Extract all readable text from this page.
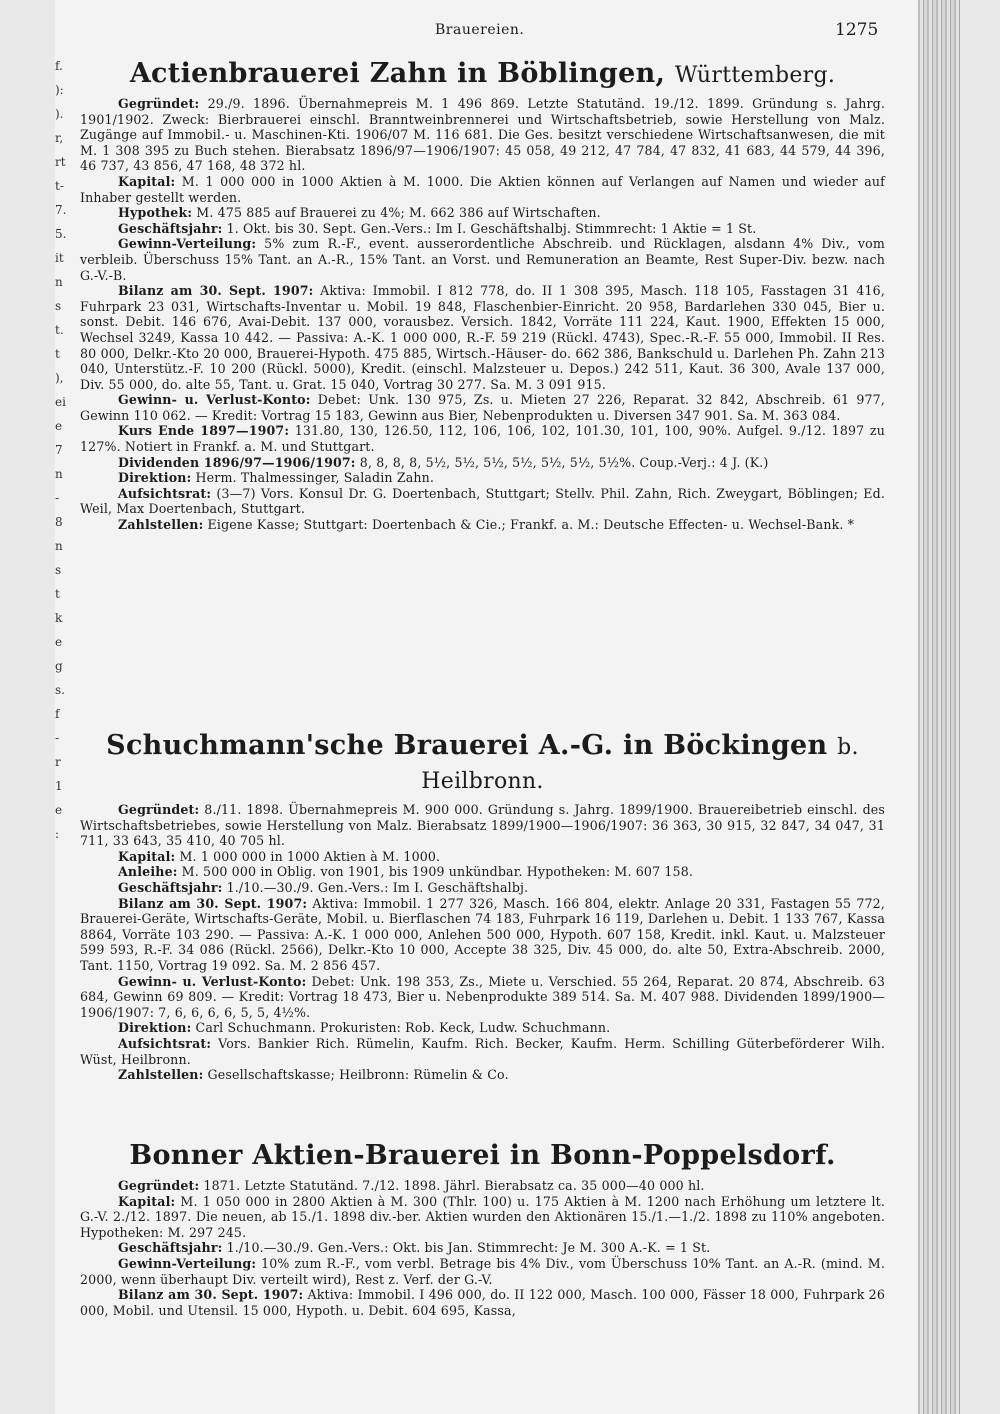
f.
):
).
r,
rt
t-
7.
5.
it
n
s
t.
t
),
ei
e
7
n
-
8
n
s
t
k
e
g
s.
f
-
r
1
e
:
Brauereien.	1275
Actienbrauerei Zahn in Böblingen, Württemberg.

Gegründet: 29./9. 1896. Übernahmepreis M. 1 496 869. Letzte Statutänd. 19./12. 1899. Gründung s. Jahrg. 1901/1902. Zweck: Bierbrauerei einschl. Branntweinbrennerei und Wirtschaftsbetrieb, sowie Herstellung von Malz. Zugänge auf Immobil.- u. Maschinen-Kti. 1906/07 M. 116 681. Die Ges. besitzt verschiedene Wirtschaftsanwesen, die mit M. 1 308 395 zu Buch stehen. Bierabsatz 1896/97—1906/1907: 45 058, 49 212, 47 784, 47 832, 41 683, 44 579, 44 396, 46 737, 43 856, 47 168, 48 372 hl.

Kapital: M. 1 000 000 in 1000 Aktien à M. 1000. Die Aktien können auf Verlangen auf Namen und wieder auf Inhaber gestellt werden.

Hypothek: M. 475 885 auf Brauerei zu 4%; M. 662 386 auf Wirtschaften.

Geschäftsjahr: 1. Okt. bis 30. Sept. Gen.-Vers.: Im I. Geschäftshalbj. Stimmrecht: 1 Aktie = 1 St.

Gewinn-Verteilung: 5% zum R.-F., event. ausserordentliche Abschreib. und Rücklagen, alsdann 4% Div., vom verbleib. Überschuss 15% Tant. an A.-R., 15% Tant. an Vorst. und Remuneration an Beamte, Rest Super-Div. bezw. nach G.-V.-B.

Bilanz am 30. Sept. 1907: Aktiva: Immobil. I 812 778, do. II 1 308 395, Masch. 118 105, Fasstagen 31 416, Fuhrpark 23 031, Wirtschafts-Inventar u. Mobil. 19 848, Flaschenbier-Einricht. 20 958, Bardarlehen 330 045, Bier u. sonst. Debit. 146 676, Avai-Debit. 137 000, vorausbez. Versich. 1842, Vorräte 111 224, Kaut. 1900, Effekten 15 000, Wechsel 3249, Kassa 10 442. — Passiva: A.-K. 1 000 000, R.-F. 59 219 (Rückl. 4743), Spec.-R.-F. 55 000, Immobil. II Res. 80 000, Delkr.-Kto 20 000, Brauerei-Hypoth. 475 885, Wirtsch.-Häuser- do. 662 386, Bankschuld u. Darlehen Ph. Zahn 213 040, Unterstütz.-F. 10 200 (Rückl. 5000), Kredit. (einschl. Malzsteuer u. Depos.) 242 511, Kaut. 36 300, Avale 137 000, Div. 55 000, do. alte 55, Tant. u. Grat. 15 040, Vortrag 30 277. Sa. M. 3 091 915.

Gewinn- u. Verlust-Konto: Debet: Unk. 130 975, Zs. u. Mieten 27 226, Reparat. 32 842, Abschreib. 61 977, Gewinn 110 062. — Kredit: Vortrag 15 183, Gewinn aus Bier, Nebenprodukten u. Diversen 347 901. Sa. M. 363 084.

Kurs Ende 1897—1907: 131.80, 130, 126.50, 112, 106, 106, 102, 101.30, 101, 100, 90%. Aufgel. 9./12. 1897 zu 127%. Notiert in Frankf. a. M. und Stuttgart.

Dividenden 1896/97—1906/1907: 8, 8, 8, 8, 5½, 5½, 5½, 5½, 5½, 5½, 5½%. Coup.-Verj.: 4 J. (K.)

Direktion: Herm. Thalmessinger, Saladin Zahn.

Aufsichtsrat: (3—7) Vors. Konsul Dr. G. Doertenbach, Stuttgart; Stellv. Phil. Zahn, Rich. Zweygart, Böblingen; Ed. Weil, Max Doertenbach, Stuttgart.

Zahlstellen: Eigene Kasse; Stuttgart: Doertenbach & Cie.; Frankf. a. M.: Deutsche Effecten- u. Wechsel-Bank. *

Schuchmann'sche Brauerei A.-G. in Böckingen b. Heilbronn.

Gegründet: 8./11. 1898. Übernahmepreis M. 900 000. Gründung s. Jahrg. 1899/1900. Brauereibetrieb einschl. des Wirtschaftsbetriebes, sowie Herstellung von Malz. Bierabsatz 1899/1900—1906/1907: 36 363, 30 915, 32 847, 34 047, 31 711, 33 643, 35 410, 40 705 hl.

Kapital: M. 1 000 000 in 1000 Aktien à M. 1000.

Anleihe: M. 500 000 in Oblig. von 1901, bis 1909 unkündbar. Hypotheken: M. 607 158.

Geschäftsjahr: 1./10.—30./9. Gen.-Vers.: Im I. Geschäftshalbj.

Bilanz am 30. Sept. 1907: Aktiva: Immobil. 1 277 326, Masch. 166 804, elektr. Anlage 20 331, Fastagen 55 772, Brauerei-Geräte, Wirtschafts-Geräte, Mobil. u. Bierflaschen 74 183, Fuhrpark 16 119, Darlehen u. Debit. 1 133 767, Kassa 8864, Vorräte 103 290. — Passiva: A.-K. 1 000 000, Anlehen 500 000, Hypoth. 607 158, Kredit. inkl. Kaut. u. Malzsteuer 599 593, R.-F. 34 086 (Rückl. 2566), Delkr.-Kto 10 000, Accepte 38 325, Div. 45 000, do. alte 50, Extra-Abschreib. 2000, Tant. 1150, Vortrag 19 092. Sa. M. 2 856 457.

Gewinn- u. Verlust-Konto: Debet: Unk. 198 353, Zs., Miete u. Verschied. 55 264, Reparat. 20 874, Abschreib. 63 684, Gewinn 69 809. — Kredit: Vortrag 18 473, Bier u. Nebenprodukte 389 514. Sa. M. 407 988. Dividenden 1899/1900—1906/1907: 7, 6, 6, 6, 6, 5, 5, 4½%.

Direktion: Carl Schuchmann. Prokuristen: Rob. Keck, Ludw. Schuchmann.

Aufsichtsrat: Vors. Bankier Rich. Rümelin, Kaufm. Rich. Becker, Kaufm. Herm. Schilling Güterbeförderer Wilh. Wüst, Heilbronn.

Zahlstellen: Gesellschaftskasse; Heilbronn: Rümelin & Co.

Bonner Aktien-Brauerei in Bonn-Poppelsdorf.

Gegründet: 1871. Letzte Statutänd. 7./12. 1898. Jährl. Bierabsatz ca. 35 000—40 000 hl.

Kapital: M. 1 050 000 in 2800 Aktien à M. 300 (Thlr. 100) u. 175 Aktien à M. 1200 nach Erhöhung um letztere lt. G.-V. 2./12. 1897. Die neuen, ab 15./1. 1898 div.-ber. Aktien wurden den Aktionären 15./1.—1./2. 1898 zu 110% angeboten. Hypotheken: M. 297 245.

Geschäftsjahr: 1./10.—30./9. Gen.-Vers.: Okt. bis Jan. Stimmrecht: Je M. 300 A.-K. = 1 St.

Gewinn-Verteilung: 10% zum R.-F., vom verbl. Betrage bis 4% Div., vom Überschuss 10% Tant. an A.-R. (mind. M. 2000, wenn überhaupt Div. verteilt wird), Rest z. Verf. der G.-V.

Bilanz am 30. Sept. 1907: Aktiva: Immobil. I 496 000, do. II 122 000, Masch. 100 000, Fässer 18 000, Fuhrpark 26 000, Mobil. und Utensil. 15 000, Hypoth. u. Debit. 604 695, Kassa,
